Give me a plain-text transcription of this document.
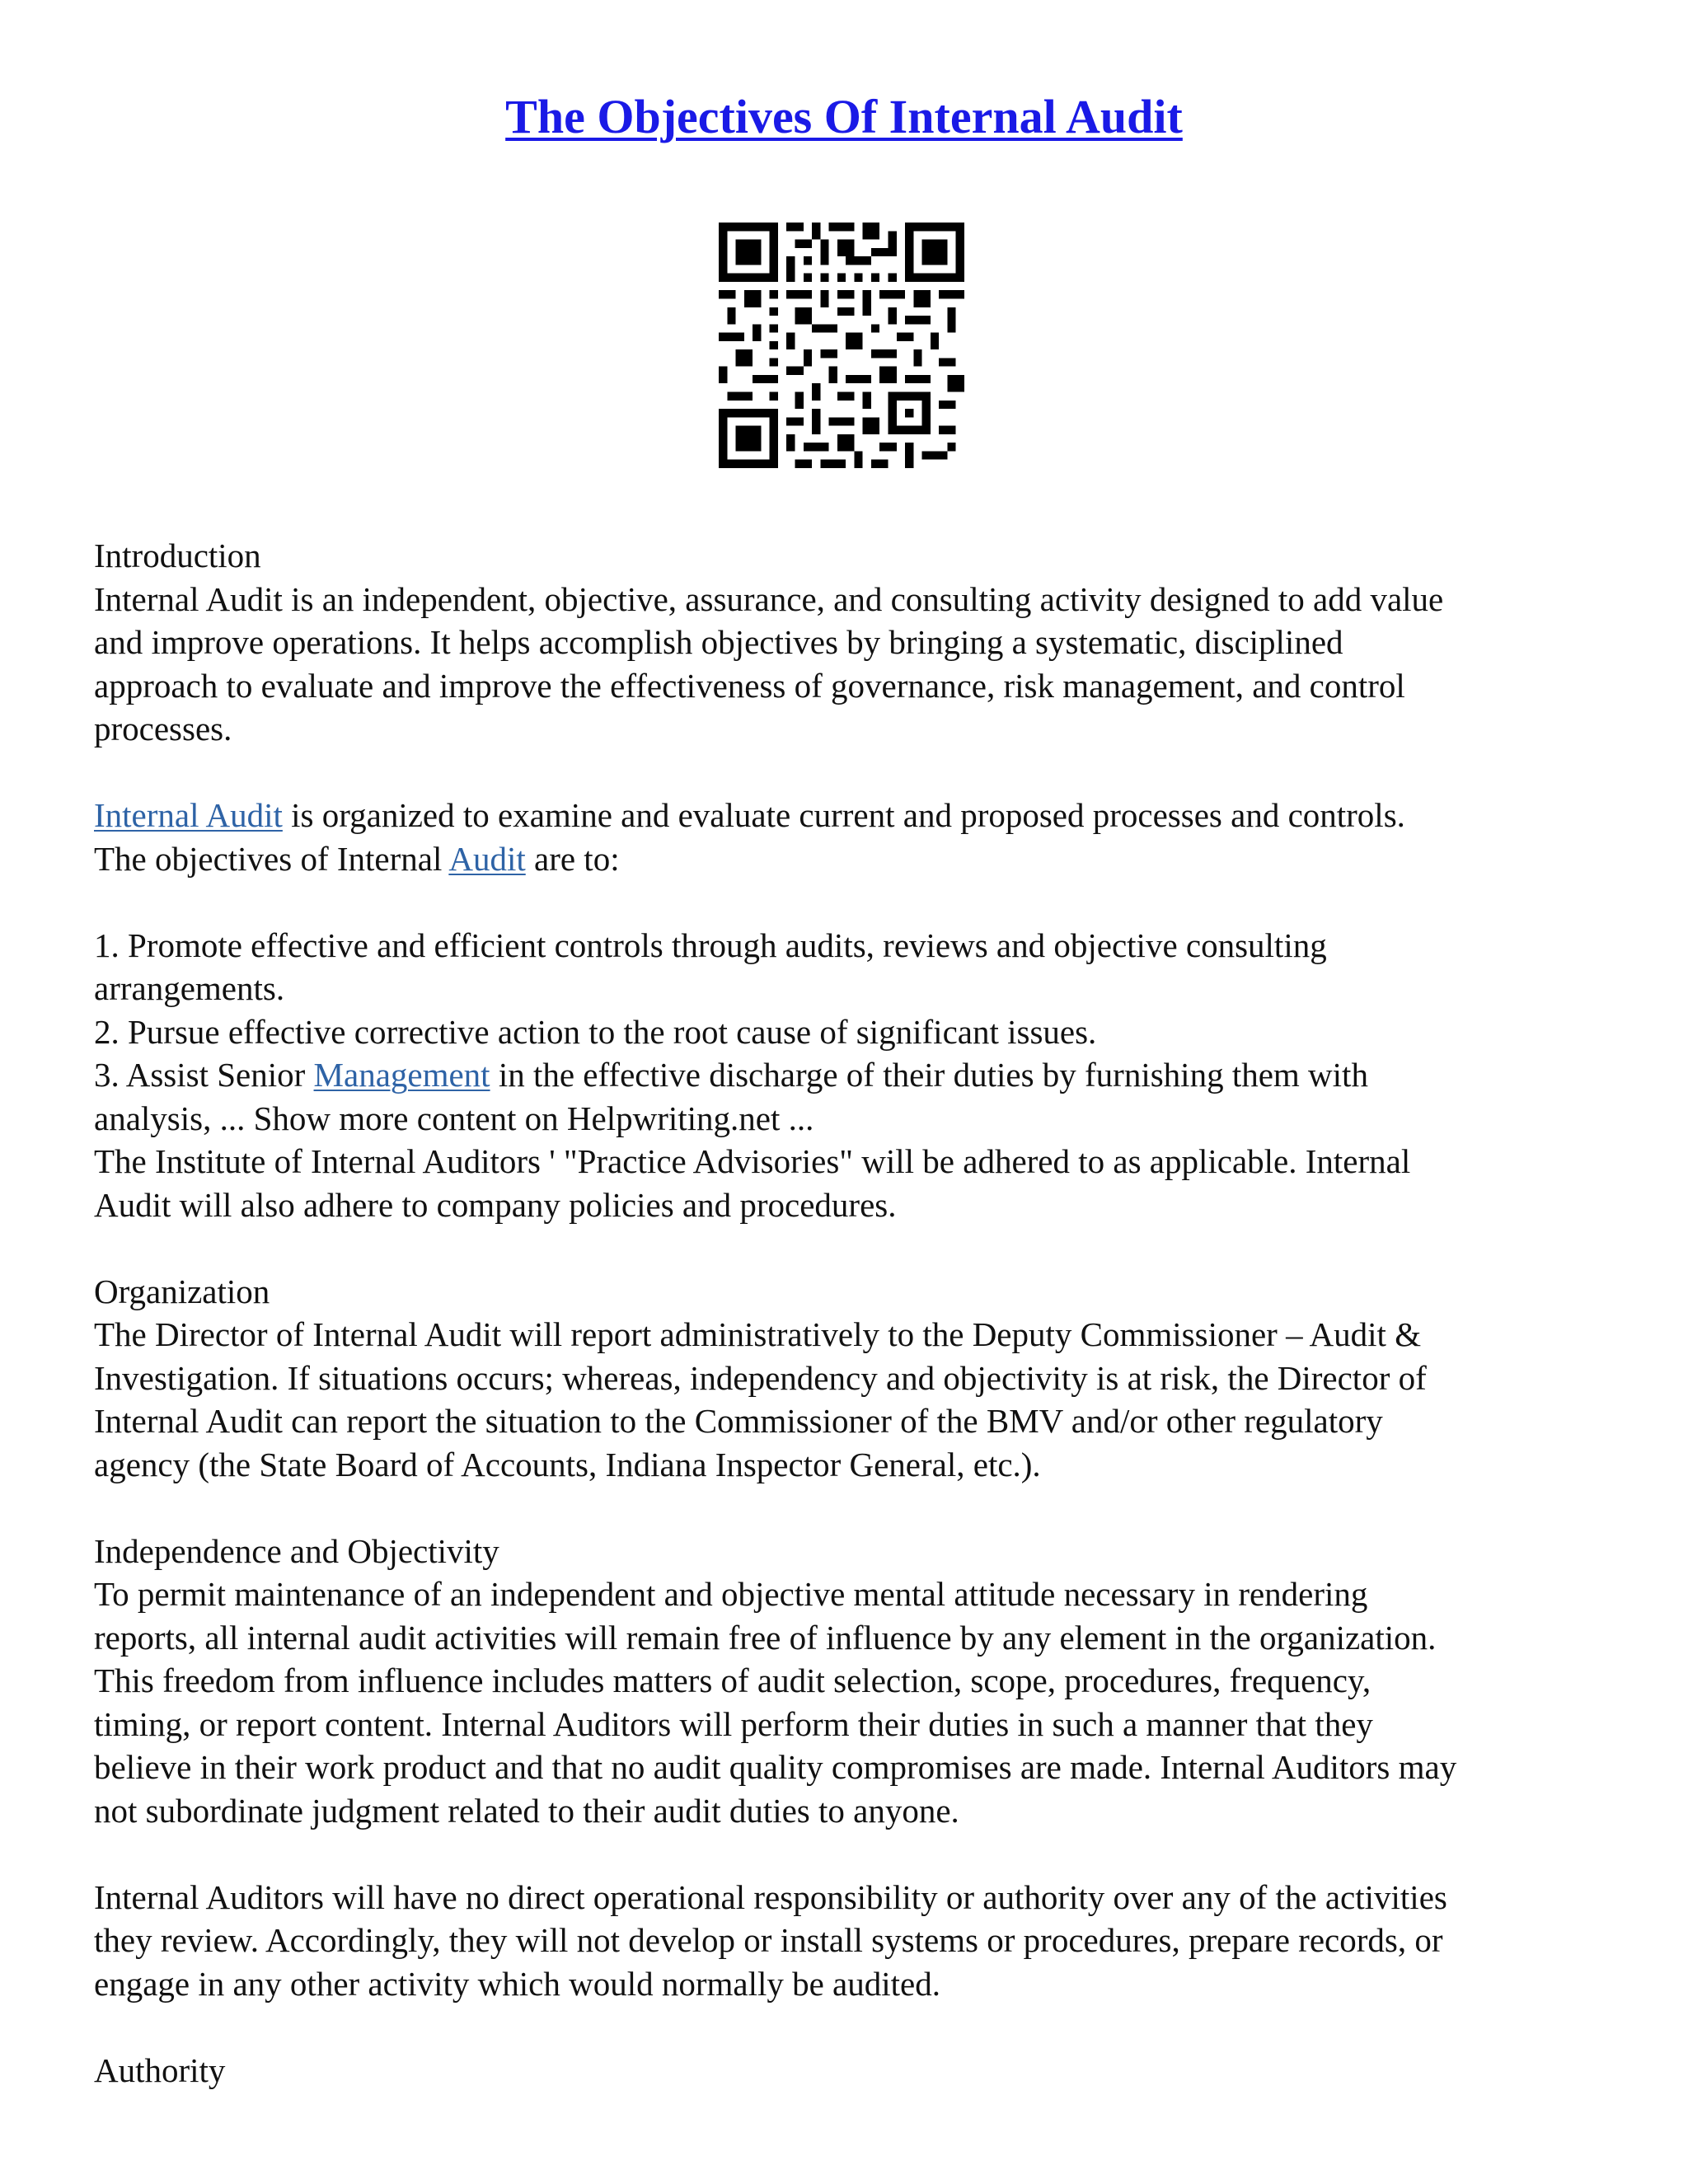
The Objectives Of Internal Audit
Introduction
Internal Audit is an independent, objective, assurance, and consulting activity designed to add value
and improve operations. It helps accomplish objectives by bringing a systematic, disciplined
approach to evaluate and improve the effectiveness of governance, risk management, and control
processes.
Internal Audit is organized to examine and evaluate current and proposed processes and controls.
The objectives of Internal Audit are to:
1. Promote effective and efficient controls through audits, reviews and objective consulting
arrangements.
2. Pursue effective corrective action to the root cause of significant issues.
3. Assist Senior Management in the effective discharge of their duties by furnishing them with
analysis, ... Show more content on Helpwriting.net ...
The Institute of Internal Auditors ' "Practice Advisories" will be adhered to as applicable. Internal
Audit will also adhere to company policies and procedures.
Organization
The Director of Internal Audit will report administratively to the Deputy Commissioner – Audit &
Investigation. If situations occurs; whereas, independency and objectivity is at risk, the Director of
Internal Audit can report the situation to the Commissioner of the BMV and/or other regulatory
agency (the State Board of Accounts, Indiana Inspector General, etc.).
Independence and Objectivity
To permit maintenance of an independent and objective mental attitude necessary in rendering
reports, all internal audit activities will remain free of influence by any element in the organization.
This freedom from influence includes matters of audit selection, scope, procedures, frequency,
timing, or report content. Internal Auditors will perform their duties in such a manner that they
believe in their work product and that no audit quality compromises are made. Internal Auditors may
not subordinate judgment related to their audit duties to anyone.
Internal Auditors will have no direct operational responsibility or authority over any of the activities
they review. Accordingly, they will not develop or install systems or procedures, prepare records, or
engage in any other activity which would normally be audited.
Authority
